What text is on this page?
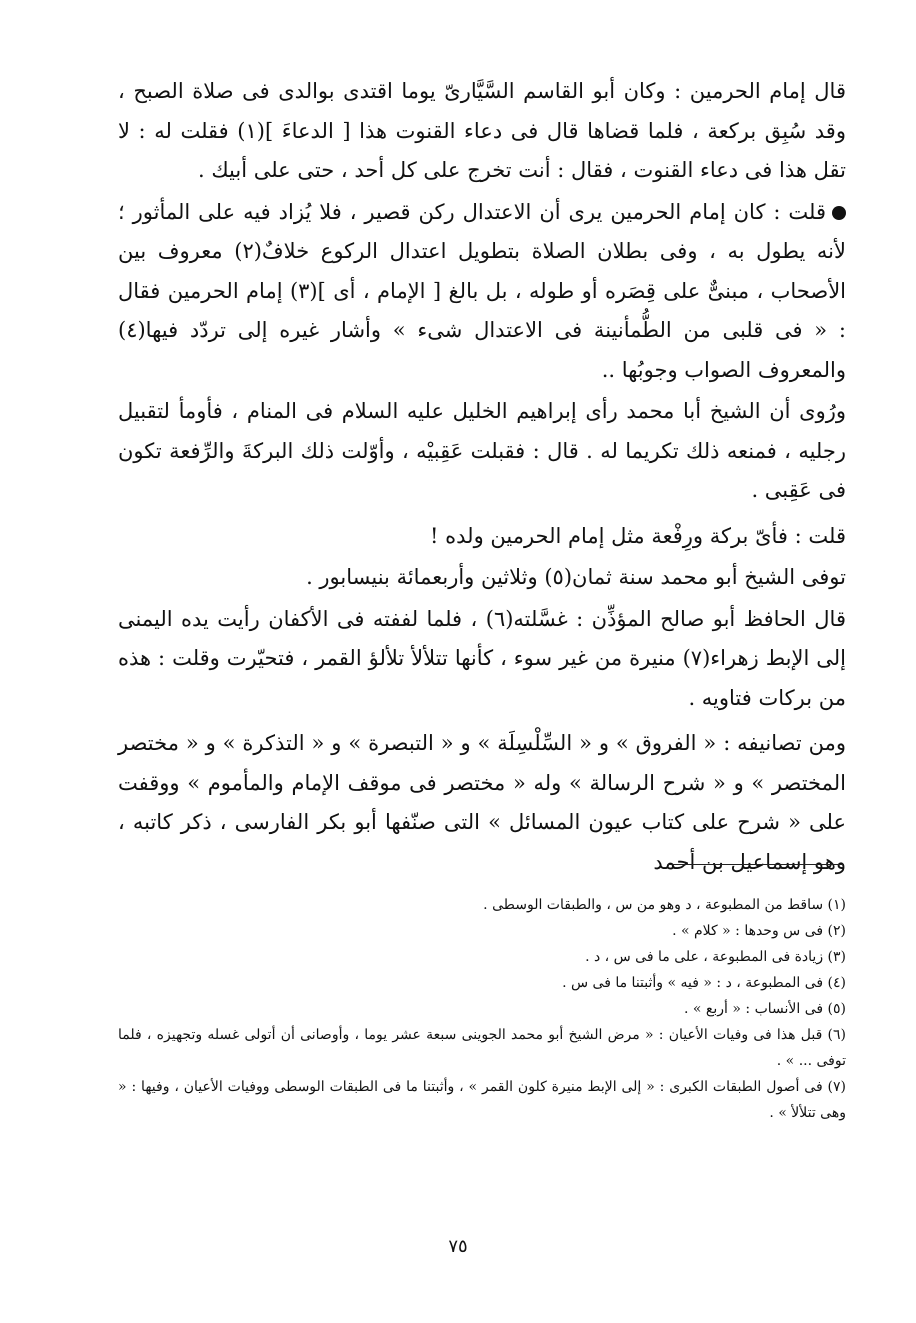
قال إمام الحرمين : وكان أبو القاسم السَّيَّارىّ يوما اقتدى بوالدى فى صلاة الصبح ، وقد سُبِق بركعة ، فلما قضاها قال فى دعاء القنوت هذا [ الدعاءَ ](١) فقلت له : لا تقل هذا فى دعاء القنوت ، فقال : أنت تخرج على كل أحد ، حتى على أبيك .

قلت : كان إمام الحرمين يرى أن الاعتدال ركن قصير ، فلا يُزاد فيه على المأثور ؛ لأنه يطول به ، وفى بطلان الصلاة بتطويل اعتدال الركوع خلافٌ(٢) معروف بين الأصحاب ، مبنىٌّ على قِصَره أو طوله ، بل بالغ [ الإمام ، أى ](٣) إمام الحرمين فقال : « فى قلبى من الطُّمأنينة فى الاعتدال شىء » وأشار غيره إلى تردّد فيها(٤) والمعروف الصواب وجوبُها ..

ورُوى أن الشيخ أبا محمد رأى إبراهيم الخليل عليه السلام فى المنام ، فأومأ لتقبيل رجليه ، فمنعه ذلك تكريما له . قال : فقبلت عَقِبيْه ، وأوّلت ذلك البركةَ والرِّفعة تكون فى عَقِبى .

قلت : فأىّ بركة ورِفْعة مثل إمام الحرمين ولده !

توفى الشيخ أبو محمد سنة ثمان(٥) وثلاثين وأربعمائة بنيسابور .

قال الحافظ أبو صالح المؤذِّن : غسَّلته(٦) ، فلما لففته فى الأكفان رأيت يده اليمنى إلى الإبط زهراء(٧) منيرة من غير سوء ، كأنها تتلألأ تلألؤ القمر ، فتحيّرت وقلت : هذه من بركات فتاويه .

ومن تصانيفه : « الفروق » و « السِّلْسِلَة » و « التبصرة » و « التذكرة » و « مختصر المختصر » و « شرح الرسالة » وله « مختصر فى موقف الإمام والمأموم » ووقفت على « شرح على كتاب عيون المسائل » التى صنّفها أبو بكر الفارسى ، ذكر كاتبه ، وهو إسماعيل بن أحمد

(١) ساقط من المطبوعة ، د وهو من س ، والطبقات الوسطى .

(٢) فى س وحدها : « كلام » .

(٣) زيادة فى المطبوعة ، على ما فى س ، د .

(٤) فى المطبوعة ، د : « فيه » وأثبتنا ما فى س .

(٥) فى الأنساب : « أربع » .

(٦) قبل هذا فى وفيات الأعيان : « مرض الشيخ أبو محمد الجوينى سبعة عشر يوما ، وأوصانى أن أتولى غسله وتجهيزه ، فلما توفى ... » .

(٧) فى أصول الطبقات الكبرى : « إلى الإبط منيرة كلون القمر » ، وأثبتنا ما فى الطبقات الوسطى ووفيات الأعيان ، وفيها : « وهى تتلألأ » .

٧٥
